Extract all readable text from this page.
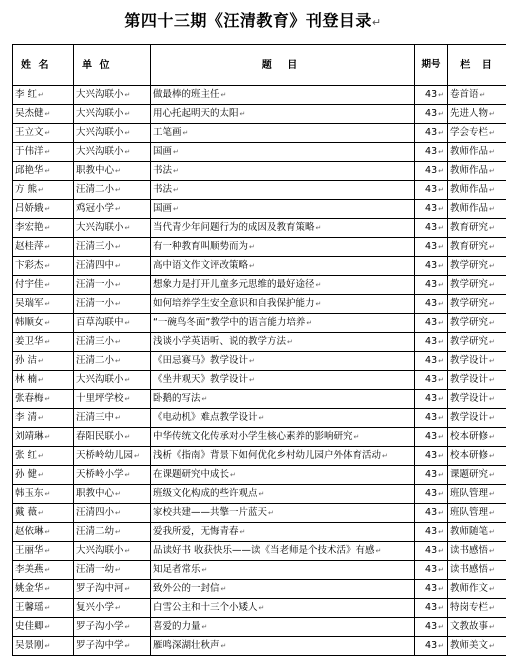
第四十三期《汪清教育》刊登目录↵
姓 名	单 位	题 目	期号	栏 目
李 红↵	大兴沟联小↵	做最棒的班主任↵	43↵	卷首语↵
吴杰健↵	大兴沟联小↵	用心托起明天的太阳↵	43↵	先进人物↵
王立文↵	大兴沟联小↵	工笔画↵	43↵	学会专栏↵
于伟洋↵	大兴沟联小↵	国画↵	43↵	教师作品↵
邱艳华↵	职教中心↵	书法↵	43↵	教师作品↵
方 熊↵	汪清二小↵	书法↵	43↵	教师作品↵
吕娇娥↵	鸡冠小学↵	国画↵	43↵	教师作品↵
李宏艳↵	大兴沟联小↵	当代青少年问题行为的成因及教育策略↵	43↵	教育研究↵
赵桂萍↵	汪清三小↵	有一种教育叫顺势而为↵	43↵	教育研究↵
卞彩杰↵	汪清四中↵	高中语文作文评改策略↵	43↵	教学研究↵
付宇佳↵	汪清一小↵	想象力是打开儿童多元思维的最好途径↵	43↵	教学研究↵
吴瑞军↵	汪清一小↵	如何培养学生安全意识和自我保护能力↵	43↵	教学研究↵
韩顺女↵	百草沟联中↵	“一碗鸟冬面”教学中的语言能力培养↵	43↵	教学研究↵
姜卫华↵	汪清三小↵	浅谈小学英语听、说的教学方法↵	43↵	教学研究↵
孙 洁↵	汪清二小↵	《田忌赛马》教学设计↵	43↵	教学设计↵
林 楠↵	大兴沟联小↵	《坐井观天》教学设计↵	43↵	教学设计↵
张春梅↵	十里坪学校↵	卧鹅的写法↵	43↵	教学设计↵
李 清↵	汪清三中↵	《电动机》难点教学设计↵	43↵	教学设计↵
刘靖琳↵	春阳民联小↵	中华传统文化传承对小学生核心素养的影响研究↵	43↵	校本研修↵
张 红↵	天桥岭幼儿园↵	浅析《指南》背景下如何优化乡村幼儿园户外体育活动↵	43↵	校本研修↵
孙 健↵	天桥岭小学↵	在课题研究中成长↵	43↵	课题研究↵
韩玉东↵	职教中心↵	班级文化构成的些许观点↵	43↵	班队管理↵
戴 薇↵	汪清四小↵	家校共建——共擎一片蓝天↵	43↵	班队管理↵
赵依琳↵	汪清二幼↵	爱我所爱，无悔青春↵	43↵	教师随笔↵
王丽华↵	大兴沟联小↵	品读好书 收获快乐——读《当老师是个技术活》有感↵	43↵	读书感悟↵
李美燕↵	汪清一幼↵	知足者常乐↵	43↵	读书感悟↵
姚金华↵	罗子沟中河↵	致外公的一封信↵	43↵	教师作文↵
王馨瑶↵	复兴小学↵	白雪公主和十三个小矮人↵	43↵	特岗专栏↵
史佳卿↵	罗子沟小学↵	喜爱的力量↵	43↵	文教故事↵
吴景刚↵	罗子沟中学↵	雁鸣深湖壮秋声↵	43↵	教师美文↵
